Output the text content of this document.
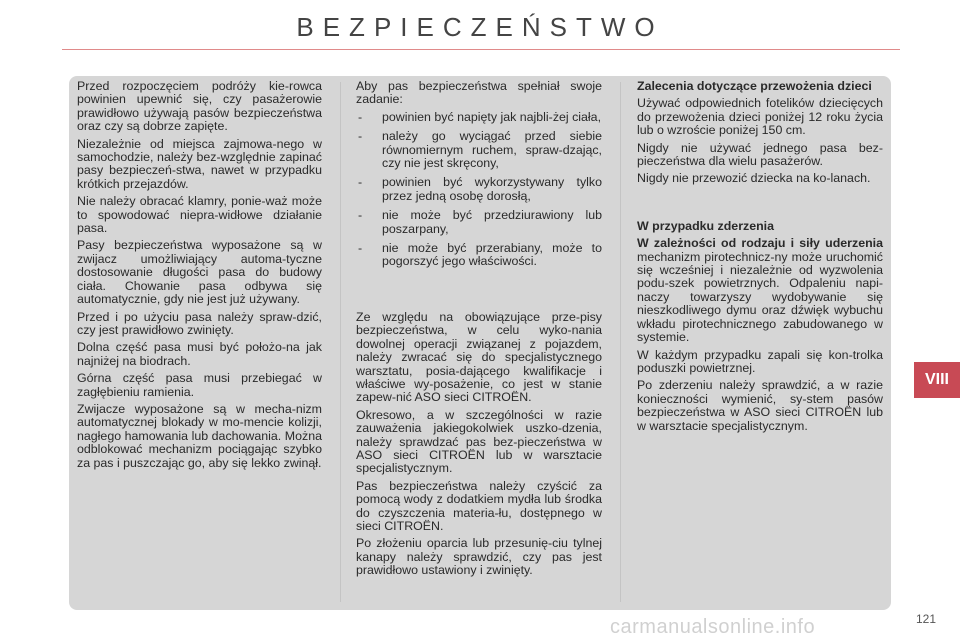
BEZPIECZEŃSTWO

Przed rozpoczęciem podróży kie-rowca powinien upewnić się, czy pasażerowie prawidłowo używają pasów bezpieczeństwa oraz czy są dobrze zapięte.

Niezależnie od miejsca zajmowa-nego w samochodzie, należy bez-względnie zapinać pasy bezpieczeń-stwa, nawet w przypadku krótkich przejazdów.

Nie należy obracać klamry, ponie-waż może to spowodować niepra-widłowe działanie pasa.

Pasy bezpieczeństwa wyposażone są w zwijacz umożliwiający automa-tyczne dostosowanie długości pasa do budowy ciała. Chowanie pasa odbywa się automatycznie, gdy nie jest już używany.

Przed i po użyciu pasa należy spraw-dzić, czy jest prawidłowo zwinięty.

Dolna część pasa musi być położo-na jak najniżej na biodrach.

Górna część pasa musi przebiegać w zagłębieniu ramienia.

Zwijacze wyposażone są w mecha-nizm automatycznej blokady w mo-mencie kolizji, nagłego hamowania lub dachowania. Można odblokować mechanizm pociągając szybko za pas i puszczając go, aby się lekko zwinął.

Aby pas bezpieczeństwa spełniał swoje zadanie:

- powinien być napięty jak najbli-żej ciała,
- należy go wyciągać przed siebie równomiernym ruchem, spraw-dzając, czy nie jest skręcony,
- powinien być wykorzystywany tylko przez jedną osobę dorosłą,
- nie może być przedziurawiony lub poszarpany,
- nie może być przerabiany, może to pogorszyć jego właściwości.

Ze względu na obowiązujące prze-pisy bezpieczeństwa, w celu wyko-nania dowolnej operacji związanej z pojazdem, należy zwracać się do specjalistycznego warsztatu, posia-dającego kwalifikacje i właściwe wy-posażenie, co jest w stanie zapew-nić ASO sieci CITROËN.

Okresowo, a w szczególności w razie zauważenia jakiegokolwiek uszko-dzenia, należy sprawdzać pas bez-pieczeństwa w ASO sieci CITROËN lub w warsztacie specjalistycznym.

Pas bezpieczeństwa należy czyścić za pomocą wody z dodatkiem mydła lub środka do czyszczenia materia-łu, dostępnego w sieci CITROËN.

Po złożeniu oparcia lub przesunię-ciu tylnej kanapy należy sprawdzić, czy pas jest prawidłowo ustawiony i zwinięty.

Zalecenia dotyczące przewożenia dzieci

Używać odpowiednich fotelików dziecięcych do przewożenia dzieci poniżej 12 roku życia lub o wzroście poniżej 150 cm.

Nigdy nie używać jednego pasa bez-pieczeństwa dla wielu pasażerów.

Nigdy nie przewozić dziecka na ko-lanach.

W przypadku zderzenia

W zależności od rodzaju i siły uderzenia mechanizm pirotechnicz-ny może uruchomić się wcześniej i niezależnie od wyzwolenia podu-szek powietrznych. Odpaleniu napi-naczy towarzyszy wydobywanie się nieszkodliwego dymu oraz dźwięk wybuchu wkładu pirotechnicznego zabudowanego w systemie.

W każdym przypadku zapali się kon-trolka poduszki powietrznej.

Po zderzeniu należy sprawdzić, a w razie konieczności wymienić, sy-stem pasów bezpieczeństwa w ASO sieci CITROËN lub w warsztacie specjalistycznym.

VIII
carmanualsonline.info	121
